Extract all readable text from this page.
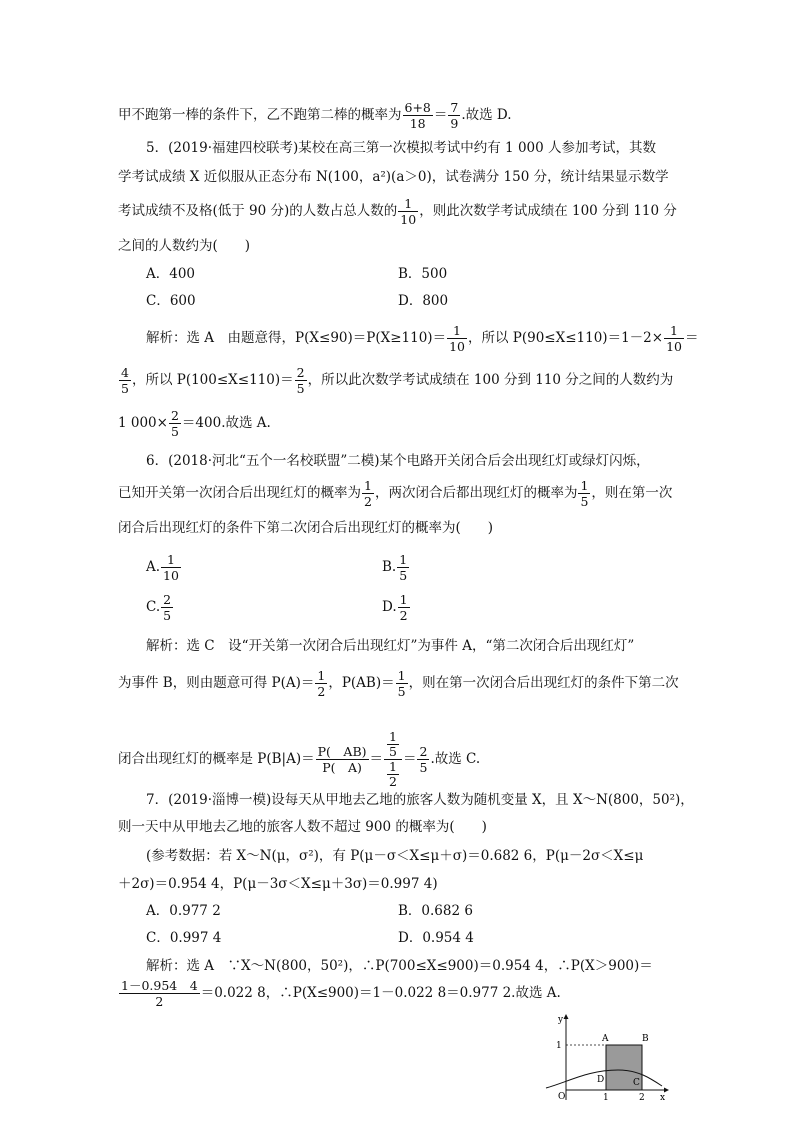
甲不跑第一棒的条件下，乙不跑第二棒的概率为 $\frac{6+8}{18} = \frac{7}{9}$ .故选 D.
5．(2019·福建四校联考)某校在高三第一次模拟考试中约有 1 000 人参加考试，其数
学考试成绩 X 近似服从正态分布 N(100，a²)(a＞0)，试卷满分 150 分，统计结果显示数学
考试成绩不及格(低于 90 分)的人数占总人数的 $\frac{1}{10}$ ，则此次数学考试成绩在 100 分到 110 分
之间的人数约为(　　)
A．400	B．500
C．600	D．800
解析：选 A　由题意得，$P(X\le 90)=P(X\ge 110)= \frac{1}{10}$ ，所以 $P(90\le X\le 110)=1-2\times \frac{1}{10}$ ＝
$\frac{4}{5}$ ，所以 $P(100\le X\le 110)= \frac{2}{5}$ ，所以此次数学考试成绩在 100 分到 110 分之间的人数约为
1 $000\times \frac{2}{5} =400$.故选 A.
6．(2018·河北“五个一名校联盟”二模)某个电路开关闭合后会出现红灯或绿灯闪烁，
已知开关第一次闭合后出现红灯的概率为 $\frac{1}{2}$ ，两次闭合后都出现红灯的概率为 $\frac{1}{5}$ ，则在第一次
闭合后出现红灯的条件下第二次闭合后出现红灯的概率为(　　)
A. $\frac{1}{10}$	B. $\frac{1}{5}$
C. $\frac{2}{5}$	D. $\frac{1}{2}$
解析：选 C　设“开关第一次闭合后出现红灯”为事件 A，“第二次闭合后出现红灯”
为事件 B，则由题意可得 $P(A)= \frac{1}{2}$ ，$P(AB)= \frac{1}{5}$ ，则在第一次闭合后出现红灯的条件下第二次
闭合出现红灯的概率是 $P(B|A)= \frac{P( AB)}{P( A)} = \frac{\frac{1}{5}}{\frac{1}{2}} = \frac{2}{5}$ .故选 C.
7．(2019·淄博一模)设每天从甲地去乙地的旅客人数为随机变量 X，且 X～N(800，50²)，
则一天中从甲地去乙地的旅客人数不超过 900 的概率为(　　)
(参考数据：若 X～N(μ，σ²)，有 P(μ－σ＜X≤μ＋σ)＝0.682 6，P(μ－2σ＜X≤μ
＋2σ)＝0.954 4，P(μ－3σ＜X≤μ＋3σ)＝0.997 4)
A．0.977 2	B．0.682 6
C．0.997 4	D．0.954 4
解析：选 A　∵X～N(800，50²)，∴P(700≤X≤900)＝0.954 4，∴P(X＞900)＝
$\frac{1-0.954 4}{2} =0.022$ 8，∴P(X≤900)＝1－0.022 8＝0.977 2.故选 A.
y
1
A	B
O
D	C
1	2 x
